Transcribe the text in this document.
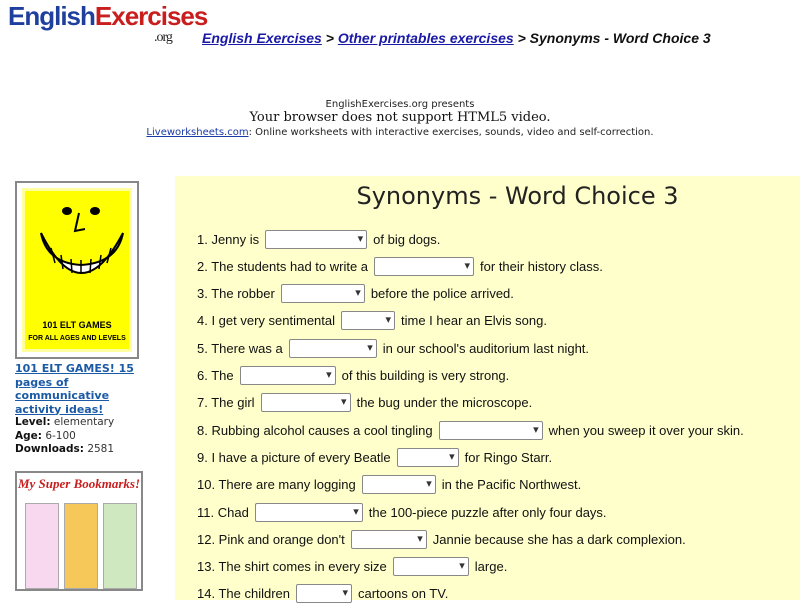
EnglishExercises
.org English Exercises > Other printables exercises > Synonyms - Word Choice 3
EnglishExercises.org presents
Your browser does not support HTML5 video.
Liveworksheets.com: Online worksheets with interactive exercises, sounds, video and self-correction.
101 ELT GAMES
FOR ALL AGES AND LEVELS
101 ELT GAMES! 15 pages of communicative activity ideas!
Level: elementary
Age: 6-100
Downloads: 2581
My Super Bookmarks!
Synonyms - Word Choice 3
1. Jenny is ▾	of big dogs.
2. The students had to write a ▾	for their history class.
3. The robber ▾	before the police arrived.
4. I get very sentimental ▾	time I hear an Elvis song.
5. There was a ▾	in our school's auditorium last night.
6. The ▾	of this building is very strong.
7. The girl ▾	the bug under the microscope.
8. Rubbing alcohol causes a cool tingling ▾	when you sweep it over your skin.
9. I have a picture of every Beatle ▾	for Ringo Starr.
10. There are many logging ▾	in the Pacific Northwest.
11. Chad ▾	the 100-piece puzzle after only four days.
12. Pink and orange don't ▾	Jannie because she has a dark complexion.
13. The shirt comes in every size ▾	large.
14. The children ▾	cartoons on TV.
